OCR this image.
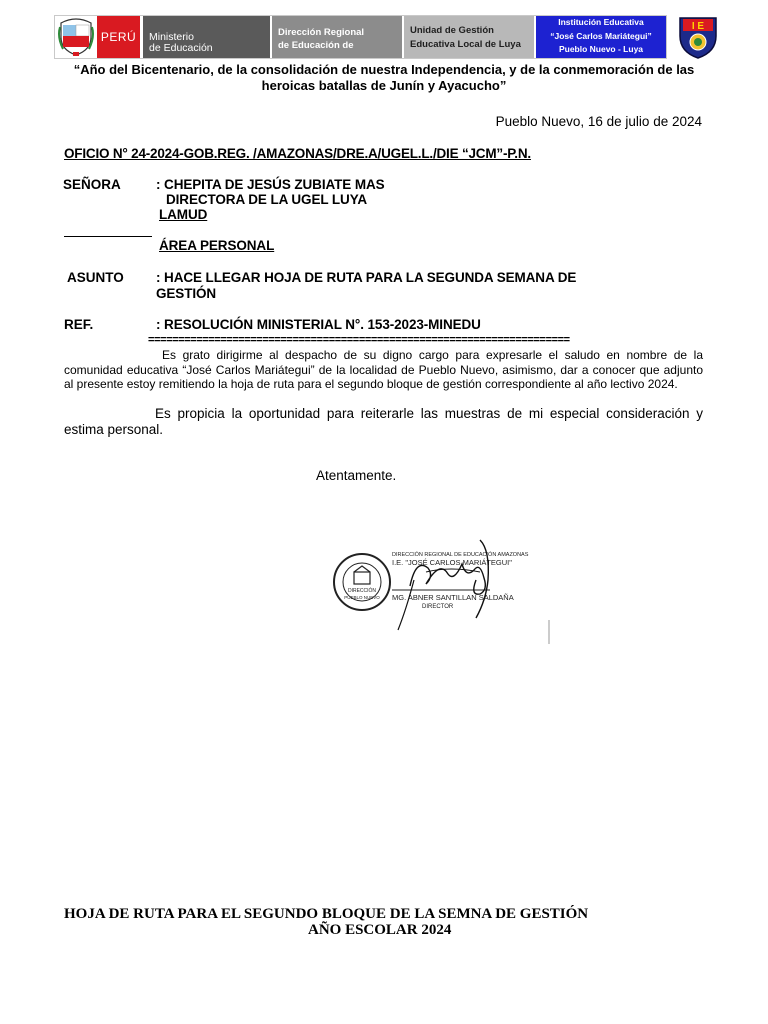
PERÚ	Ministerio
de Educación
Dirección Regional
de Educación de
Unidad de Gestión
Educativa Local de Luya
Institución Educativa
“José Carlos Mariátegui”
Pueblo Nuevo - Luya
I E
“Año del Bicentenario, de la consolidación de nuestra Independencia, y de la conmemoración de las heroicas batallas de Junín y Ayacucho”
Pueblo Nuevo, 16 de julio de 2024
OFICIO N° 24-2024-GOB.REG. /AMAZONAS/DRE.A/UGEL.L./DIE “JCM”-P.N.
SEÑORA	: CHEPITA DE JESÚS ZUBIATE MAS
DIRECTORA DE LA UGEL LUYA
LAMUD
ÁREA PERSONAL
ASUNTO : HACE LLEGAR HOJA DE RUTA PARA LA SEGUNDA SEMANA DE
GESTIÓN
REF.	: RESOLUCIÓN MINISTERIAL N°. 153-2023-MINEDU
======================================================================
Es grato dirigirme al despacho de su digno cargo para expresarle el saludo en nombre de la comunidad educativa “José Carlos Mariátegui” de la localidad de Pueblo Nuevo, asimismo, dar a conocer que adjunto al presente estoy remitiendo la hoja de ruta para el segundo bloque de gestión correspondiente al año lectivo 2024.
Es propicia la oportunidad para reiterarle las muestras de mi especial consideración y estima personal.
Atentamente.
DIRECCIÓN
PUEBLO NUEVO
DIRECCIÓN REGIONAL DE EDUCACIÓN AMAZONAS
I.E. "JOSÉ CARLOS MARIÁTEGUI"
MG. ABNER SANTILLAN SALDAÑA
DIRECTOR
HOJA DE RUTA PARA EL SEGUNDO BLOQUE DE LA SEMNA DE GESTIÓN
AÑO ESCOLAR 2024
